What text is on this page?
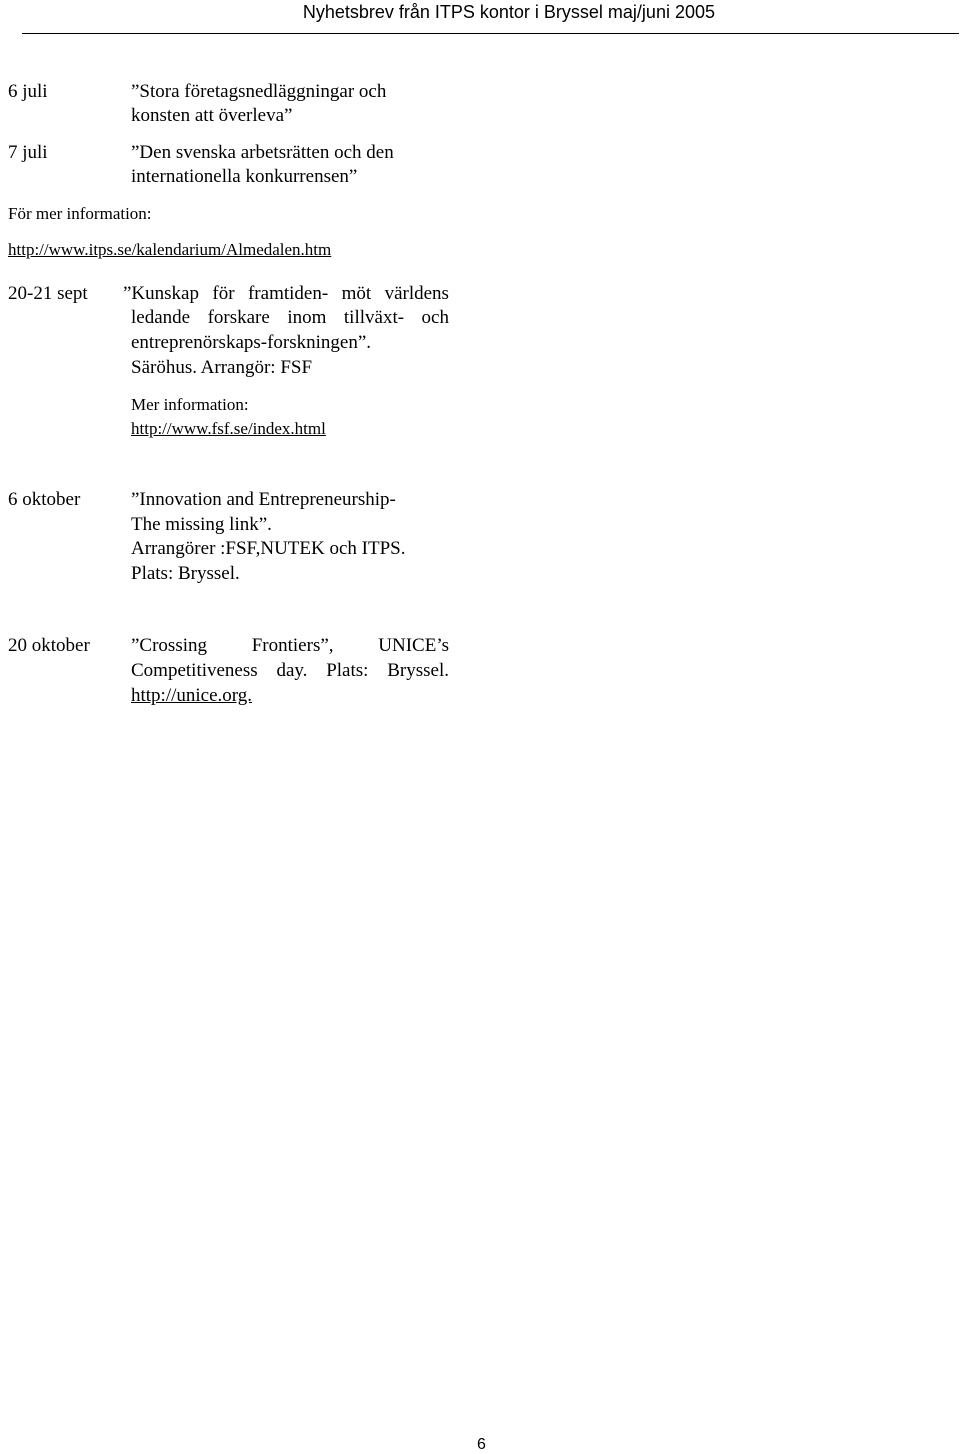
Nyhetsbrev från ITPS kontor i Bryssel maj/juni 2005
6 juli	”Stora företagsnedläggningar och
konsten att överleva”
7 juli	”Den svenska arbetsrätten och den
internationella konkurrensen”
För mer information:
http://www.itps.se/kalendarium/Almedalen.htm
20-21 sept ”Kunskap för framtiden- möt världens
ledande forskare inom tillväxt- och
entreprenörskaps-forskningen”.
Säröhus. Arrangör: FSF
Mer information:
http://www.fsf.se/index.html
6 oktober	”Innovation and Entrepreneurship-
The missing link”.
Arrangörer :FSF,NUTEK och ITPS.
Plats: Bryssel.
20 oktober ”Crossing Frontiers”, UNICE’s
Competitiveness day. Plats: Bryssel.
http://unice.org.
6
